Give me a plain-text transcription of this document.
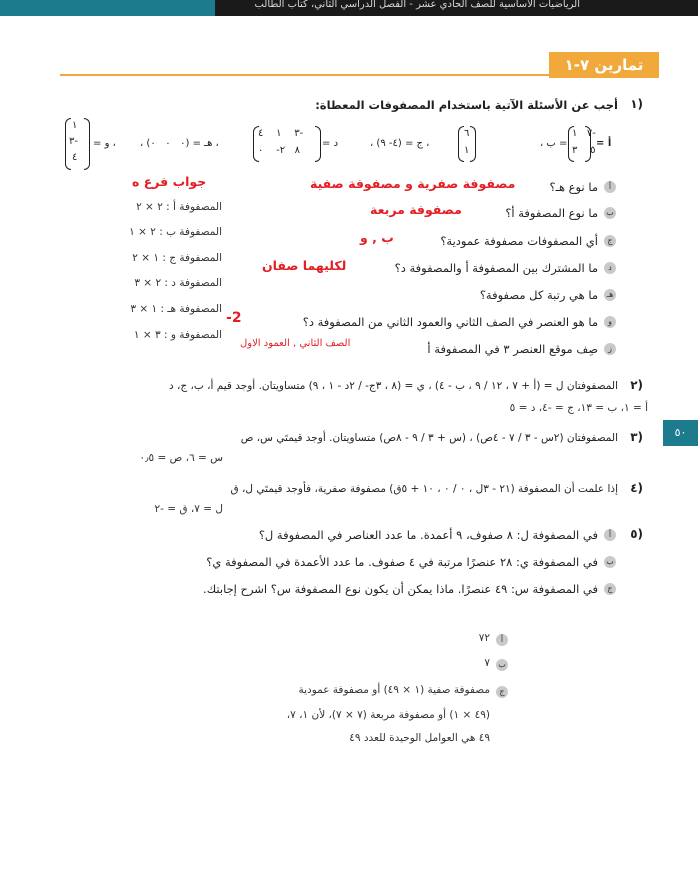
الرياضيات الأساسية للصف الحادي عشر - الفصل الدراسي الثاني، كتاب الطالب
تمارين ٧-١
١)
أجب عن الأسئلة الآتية باستخدام المصفوفات المعطاة:
= أ
٧   ١-
٥    ٣
، ب =
٦
١
، (٤- ٩) = ج ،
٣    ١    ٤-
٨   ٢-    ٠
= د
، (٠   ٠   ٠) = هـ ،
١
٣-
٤
= و ،
أ
ما نوع هـ؟
ب
ما نوع المصفوفة أ؟
ج
أي المصفوفات مصفوفة عمودية؟
د
ما المشترك بين المصفوفة أ والمصفوفة د؟
هـ
ما هي رتبة كل مصفوفة؟
و
ما هو العنصر في الصف الثاني والعمود الثاني من المصفوفة د؟
ز
صِف موقع العنصر ٣ في المصفوفة أ
المصفوفة أ : ٢ × ٢
المصفوفة ب : ٢ × ١
المصفوفة ج : ١ × ٢
المصفوفة د : ٢ × ٣
المصفوفة هـ : ١ × ٣
المصفوفة و : ٣ × ١
جواب فرع ه	مصفوفة صفرية و مصفوفة صفية
مصفوفة مربعة
ب , و
لكليهما صفان
2-
الصف الثاني , العمود الاول
٥٠
٢)
المصفوفتان ل = (أ + ٧ ، ١٢ / ٩ ، ب - ٤) ، ي = (٨ ، ٣ج- / ٢د - ١ ، ٩) متساويتان. أوجد قيم أ، ب، ج، د
أ = ١، ب = ١٣، ج = -٤، د = ٥
٣)
المصفوفتان (٢س - ٣ / ٧ - ٤ص) ، (س + ٣ / ٩ - ٨ص) متساويتان. أوجد قيمتَي س، ص
س = ٦، ص = ٠٫٥
٤)
إذا علمت أن المصفوفة (٢١ - ٣ل ، ٠ / ٠ ، ١٠ + ٥ق) مصفوفة صفرية، فأوجد قيمتَي ل، ق
ل = ٧، ق = -٢
٥)
أ
في المصفوفة ل: ٨ صفوف، ٩ أعمدة. ما عدد العناصر في المصفوفة ل؟
ب
في المصفوفة ي: ٢٨ عنصرًا مرتبة في ٤ صفوف. ما عدد الأعمدة في المصفوفة ي؟
ج
في المصفوفة س: ٤٩ عنصرًا. ماذا يمكن أن يكون نوع المصفوفة س؟ اشرح إجابتك.
أ
٧٢
ب
٧
ج
مصفوفة صفية (١ × ٤٩) أو مصفوفة عمودية
(٤٩ × ١) أو مصفوفة مربعة (٧ × ٧)، لأن ١، ٧،
٤٩ هي العوامل الوحيدة للعدد ٤٩
